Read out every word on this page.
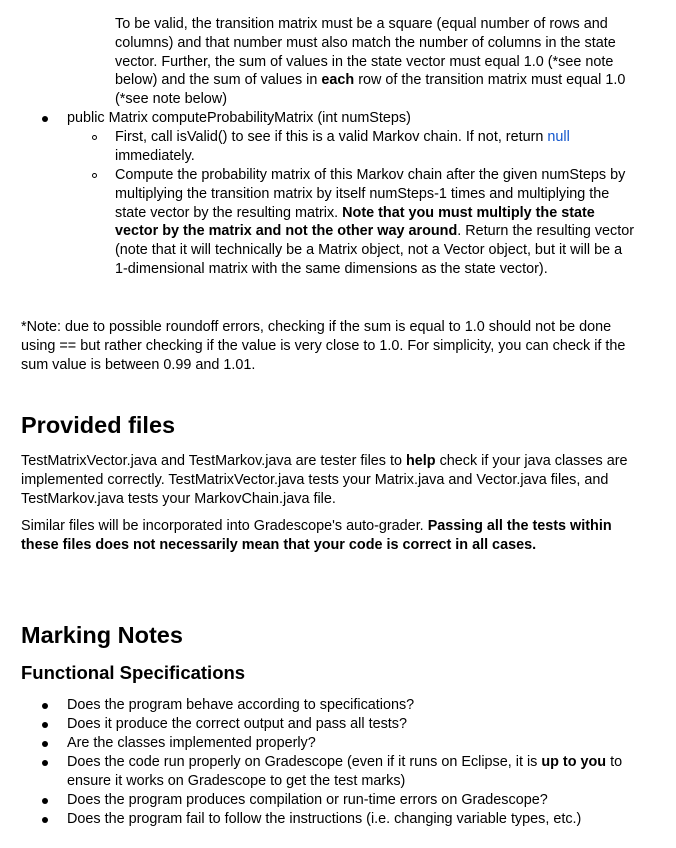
To be valid, the transition matrix must be a square (equal number of rows and columns) and that number must also match the number of columns in the state vector. Further, the sum of values in the state vector must equal 1.0 (*see note below) and the sum of values in each row of the transition matrix must equal 1.0 (*see note below)

public Matrix computeProbabilityMatrix (int numSteps)

First, call isValid() to see if this is a valid Markov chain. If not, return null immediately.

Compute the probability matrix of this Markov chain after the given numSteps by multiplying the transition matrix by itself numSteps-1 times and multiplying the state vector by the resulting matrix. Note that you must multiply the state vector by the matrix and not the other way around. Return the resulting vector (note that it will technically be a Matrix object, not a Vector object, but it will be a 1-dimensional matrix with the same dimensions as the state vector).

*Note: due to possible roundoff errors, checking if the sum is equal to 1.0 should not be done using == but rather checking if the value is very close to 1.0. For simplicity, you can check if the sum value is between 0.99 and 1.01.

Provided files

TestMatrixVector.java and TestMarkov.java are tester files to help check if your java classes are implemented correctly. TestMatrixVector.java tests your Matrix.java and Vector.java files, and TestMarkov.java tests your MarkovChain.java file.

Similar files will be incorporated into Gradescope's auto-grader. Passing all the tests within these files does not necessarily mean that your code is correct in all cases.

Marking Notes
Functional Specifications

Does the program behave according to specifications?

Does it produce the correct output and pass all tests?

Are the classes implemented properly?

Does the code run properly on Gradescope (even if it runs on Eclipse, it is up to you to ensure it works on Gradescope to get the test marks)

Does the program produces compilation or run-time errors on Gradescope?

Does the program fail to follow the instructions (i.e. changing variable types, etc.)
